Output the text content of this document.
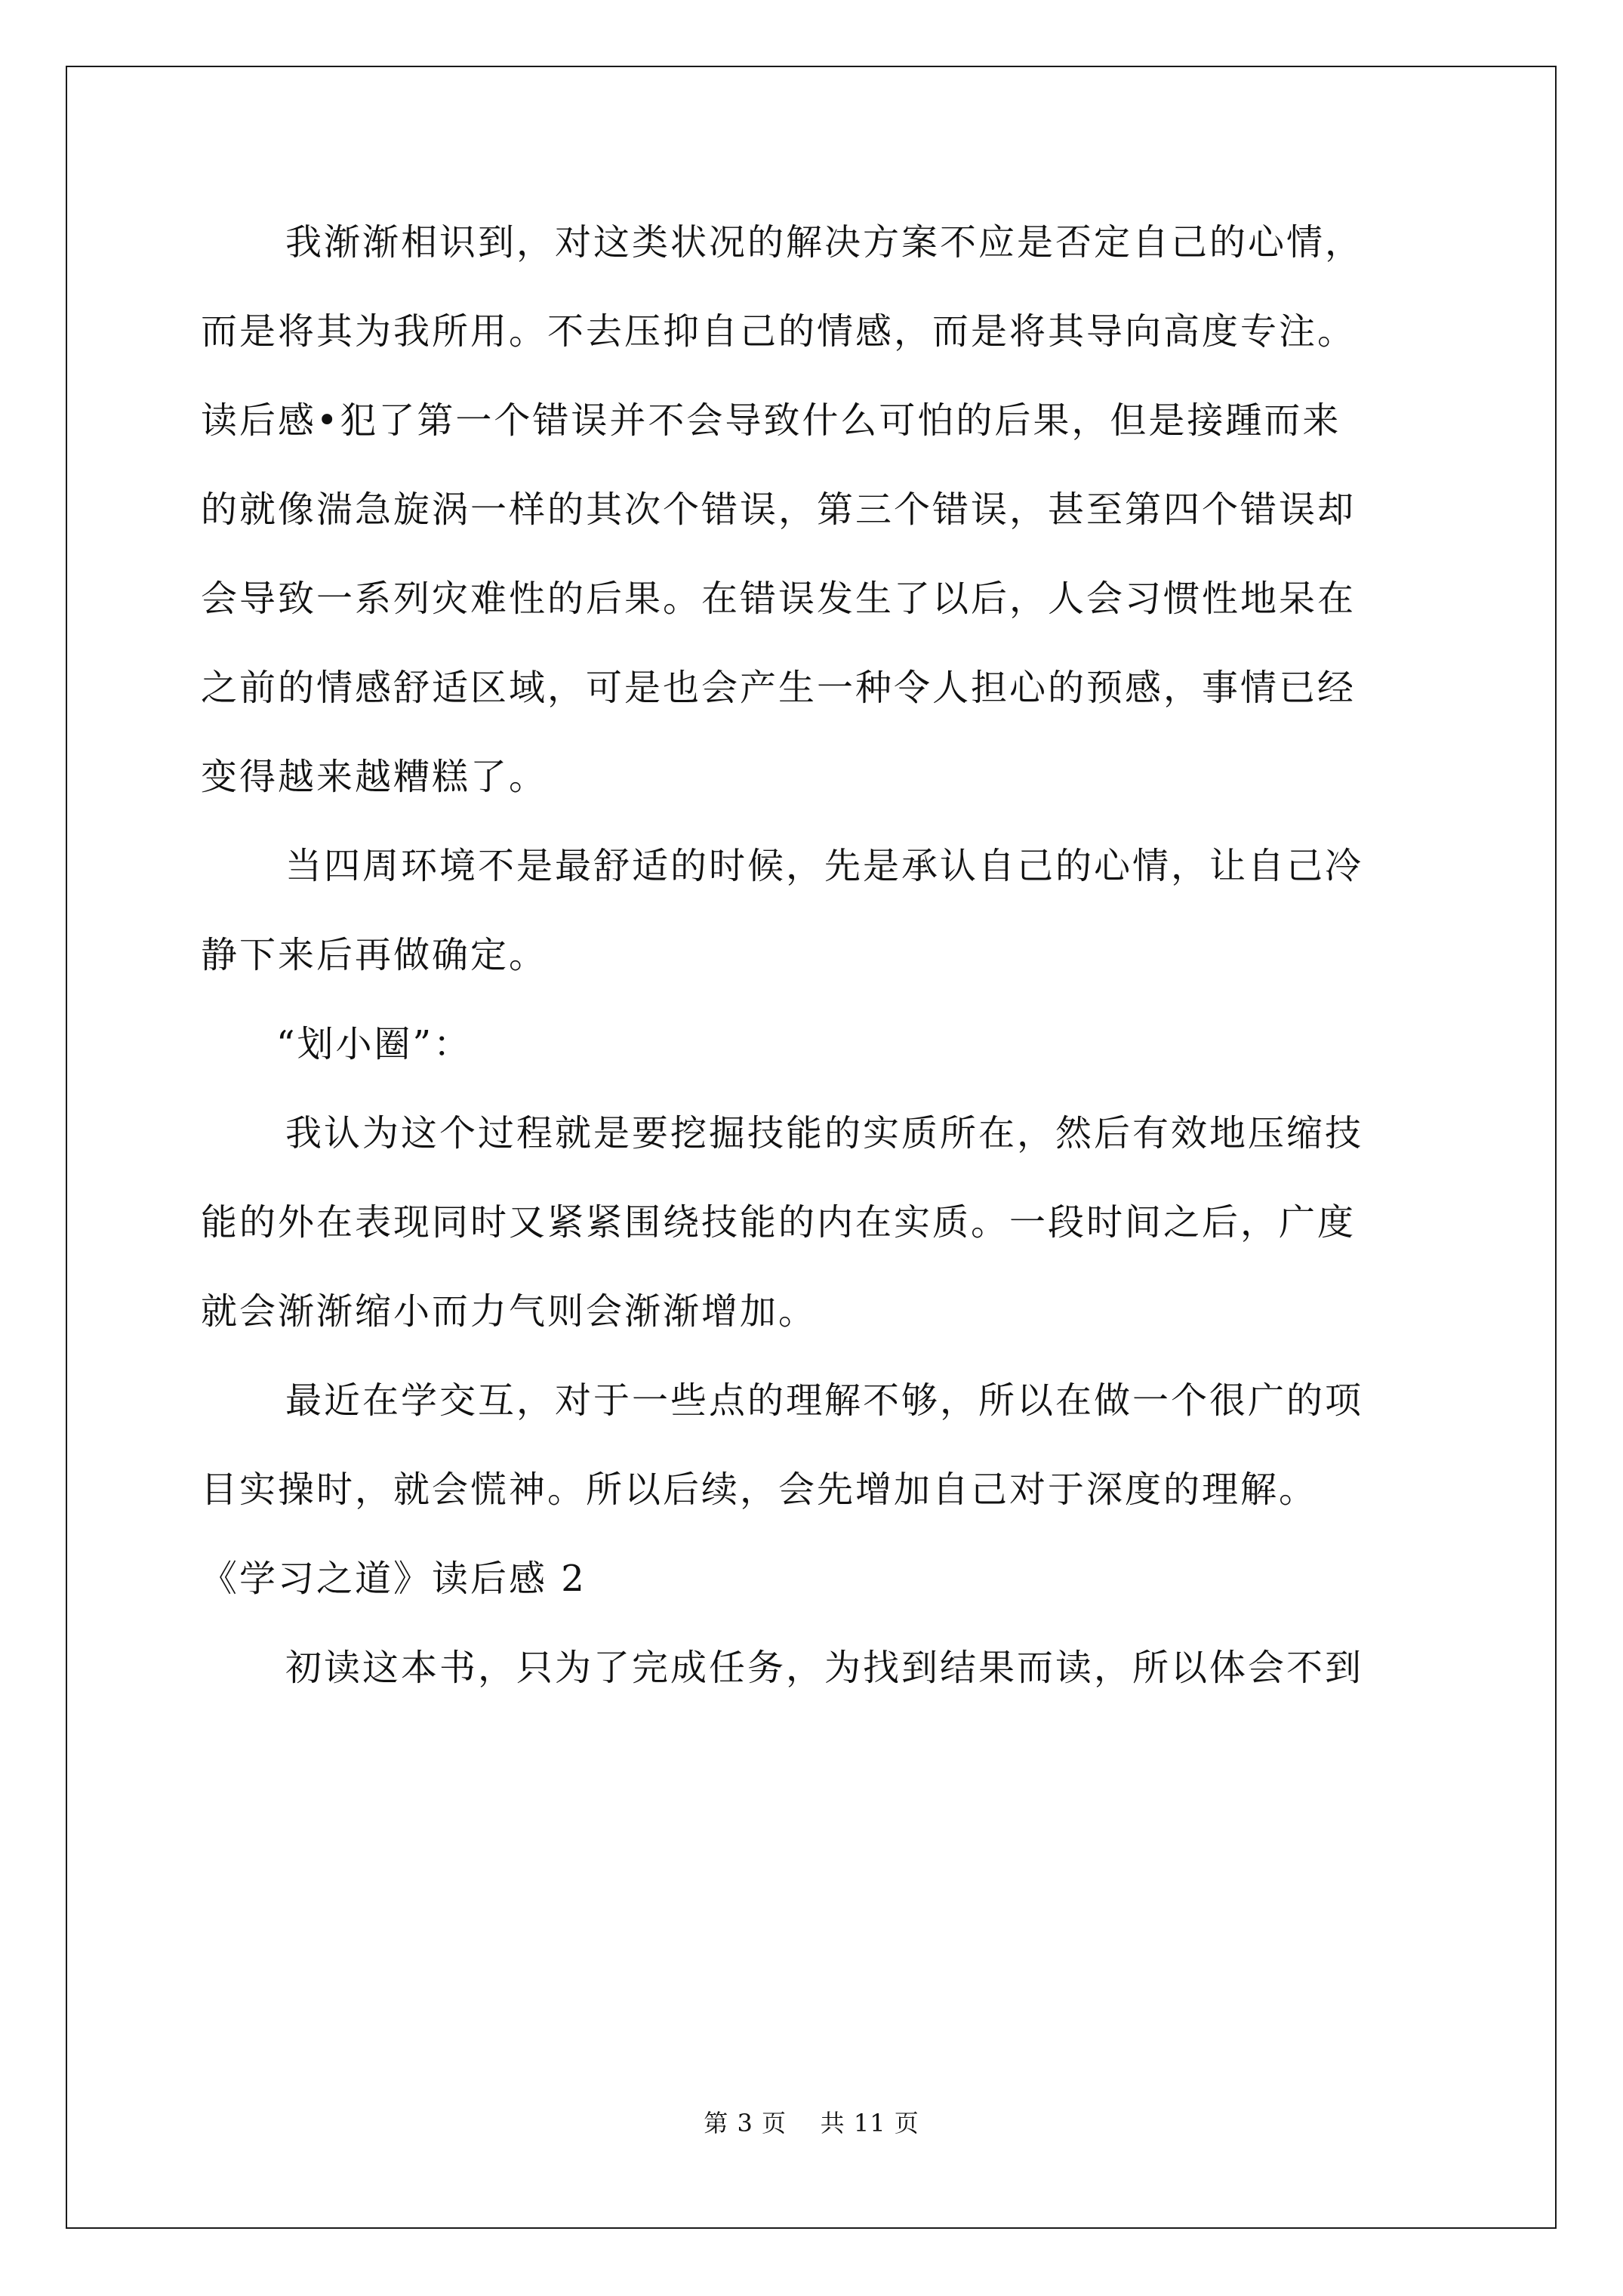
我渐渐相识到，对这类状况的解决方案不应是否定自己的心情，
而是将其为我所用。不去压抑自己的情感，而是将其导向高度专注。
读后感•犯了第一个错误并不会导致什么可怕的后果，但是接踵而来
的就像湍急旋涡一样的其次个错误，第三个错误，甚至第四个错误却
会导致一系列灾难性的后果。在错误发生了以后，人会习惯性地呆在
之前的情感舒适区域，可是也会产生一种令人担心的预感，事情已经
变得越来越糟糕了。
当四周环境不是最舒适的时候，先是承认自己的心情，让自己冷
静下来后再做确定。
“划小圈”：
我认为这个过程就是要挖掘技能的实质所在，然后有效地压缩技
能的外在表现同时又紧紧围绕技能的内在实质。一段时间之后，广度
就会渐渐缩小而力气则会渐渐增加。
最近在学交互，对于一些点的理解不够，所以在做一个很广的项
目实操时，就会慌神。所以后续，会先增加自己对于深度的理解。
《学习之道》读后感 2
初读这本书，只为了完成任务，为找到结果而读，所以体会不到
第 3 页    共 11 页
